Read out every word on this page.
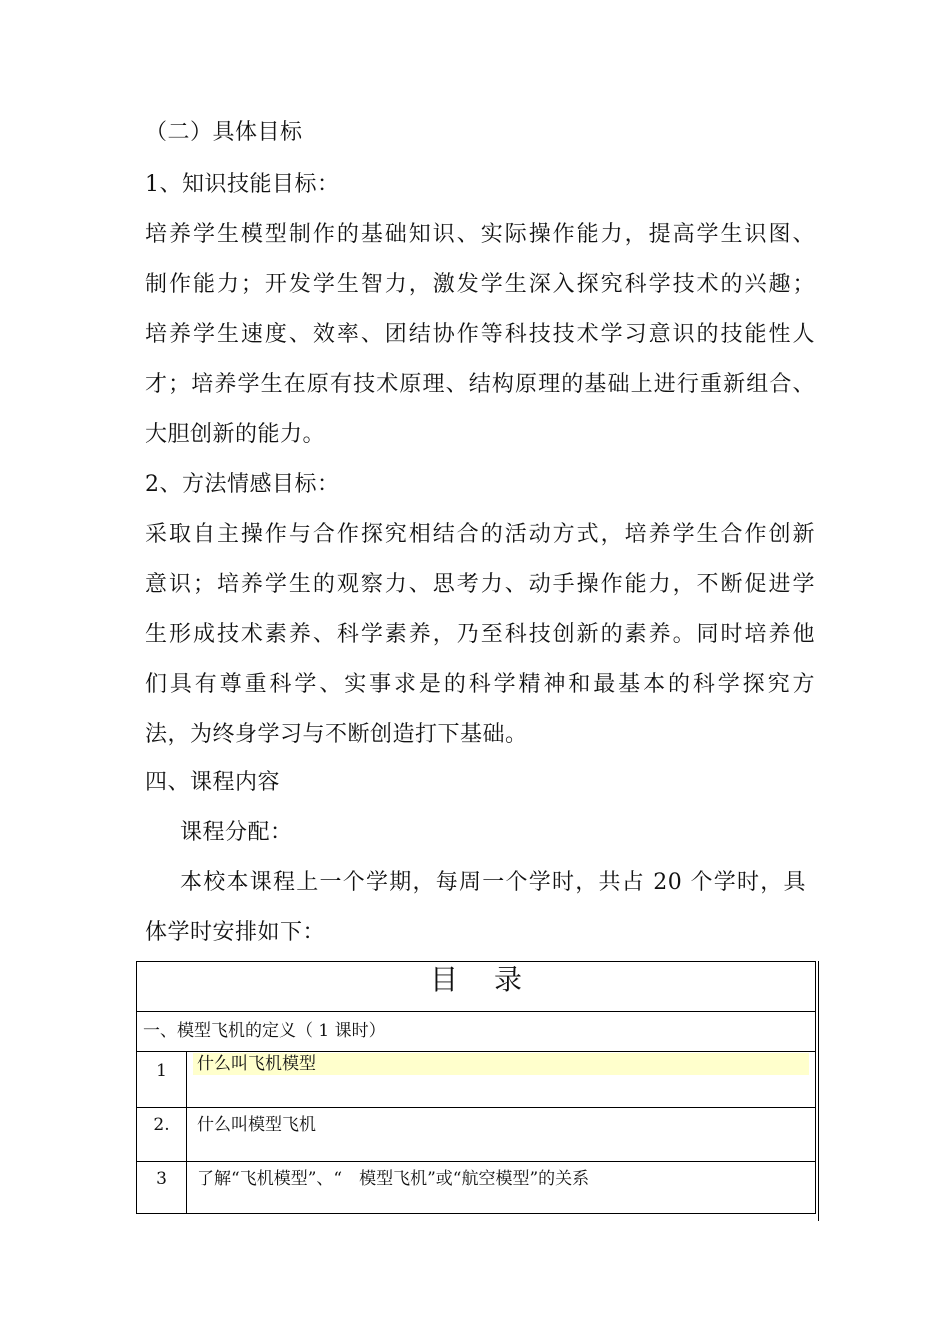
（二）具体目标
1、知识技能目标：
培养学生模型制作的基础知识、实际操作能力，提高学生识图、
制作能力；开发学生智力，激发学生深入探究科学技术的兴趣；
培养学生速度、效率、团结协作等科技技术学习意识的技能性人
才；培养学生在原有技术原理、结构原理的基础上进行重新组合、
大胆创新的能力。
2、方法情感目标：
采取自主操作与合作探究相结合的活动方式，培养学生合作创新
意识；培养学生的观察力、思考力、动手操作能力，不断促进学
生形成技术素养、科学素养，乃至科技创新的素养。同时培养他
们具有尊重科学、实事求是的科学精神和最基本的科学探究方
法，为终身学习与不断创造打下基础。
四、课程内容
课程分配：
本校本课程上一个学期，每周一个学时，共占 20 个学时，具
体学时安排如下：
目录
一、模型飞机的定义（ 1 课时）
1	什么叫飞机模型
2.	什么叫模型飞机
3	了解“飞机模型”、“　模型飞机”或“航空模型”的关系
